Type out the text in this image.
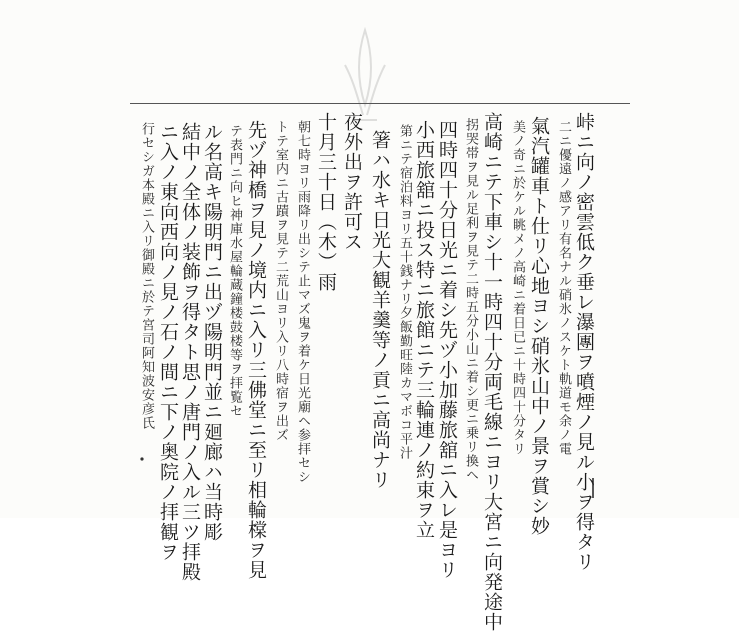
峠ニ向ノ密雲低ク垂レ瀑團ヲ噴煙ノ見ル小ヲ得タリ
二ニ優遠ノ感アリ有名ナル硝氷ノスケト軌道モ余ノ電
氣汽罐車ト仕リ心地ヨシ硝氷山中ノ景ヲ賞シ妙
美ノ奇ニ於ケル眺メノ高崎ニ着日已ニ十時四十分タリ
高崎ニテ下車シ十一時四十分両毛線ニヨリ大宮ニ向発途中
拐哭帯ヲ見ル足利ヲ見テ二時五分小山ニ着シ更ニ乗リ換ヘ
四時四十分日光ニ着シ先ヅ小加藤旅舘ニ入レ是ヨリ
小西旅舘ニ投ス特ニ旅館ニテ三輪連ノ約束ヲ立
第ニテ宿泊料ヨリ五十銭ナリ夕飯勤旺陸カマボコ平汁
箸ハ水キ日光大観羊羹等ノ貢ニ高尚ナリ
夜外出ヲ許可ス
十月三十日（木）雨
朝七時ヨリ雨降リ出シテ止マズ鬼ヲ着ケ日光廟ヘ参拝セシ
トテ室内ニ古蹟ヲ見テ二荒山ヨリ入リ八時宿ヲ出ズ
先ヅ神橋ヲ見ノ境内ニ入リ三佛堂ニ至リ相輪橖ヲ見
テ表門ニ向ヒ神庫水屋輪蔵鐘楼鼓楼等ヲ拝覧セ
ル名高キ陽明門ニ出ヅ陽明門並ニ廻廊ハ当時彫
結中ノ全体ノ装飾ヲ得タト思ノ唐門ノ入ル三ツ拝殿
ニ入ノ東向西向ノ見ノ石ノ間ニ下ノ奥院ノ拝観ヲ
行セシガ本殿ニ入リ御殿ニ於テ宮司阿知波安彦氏
